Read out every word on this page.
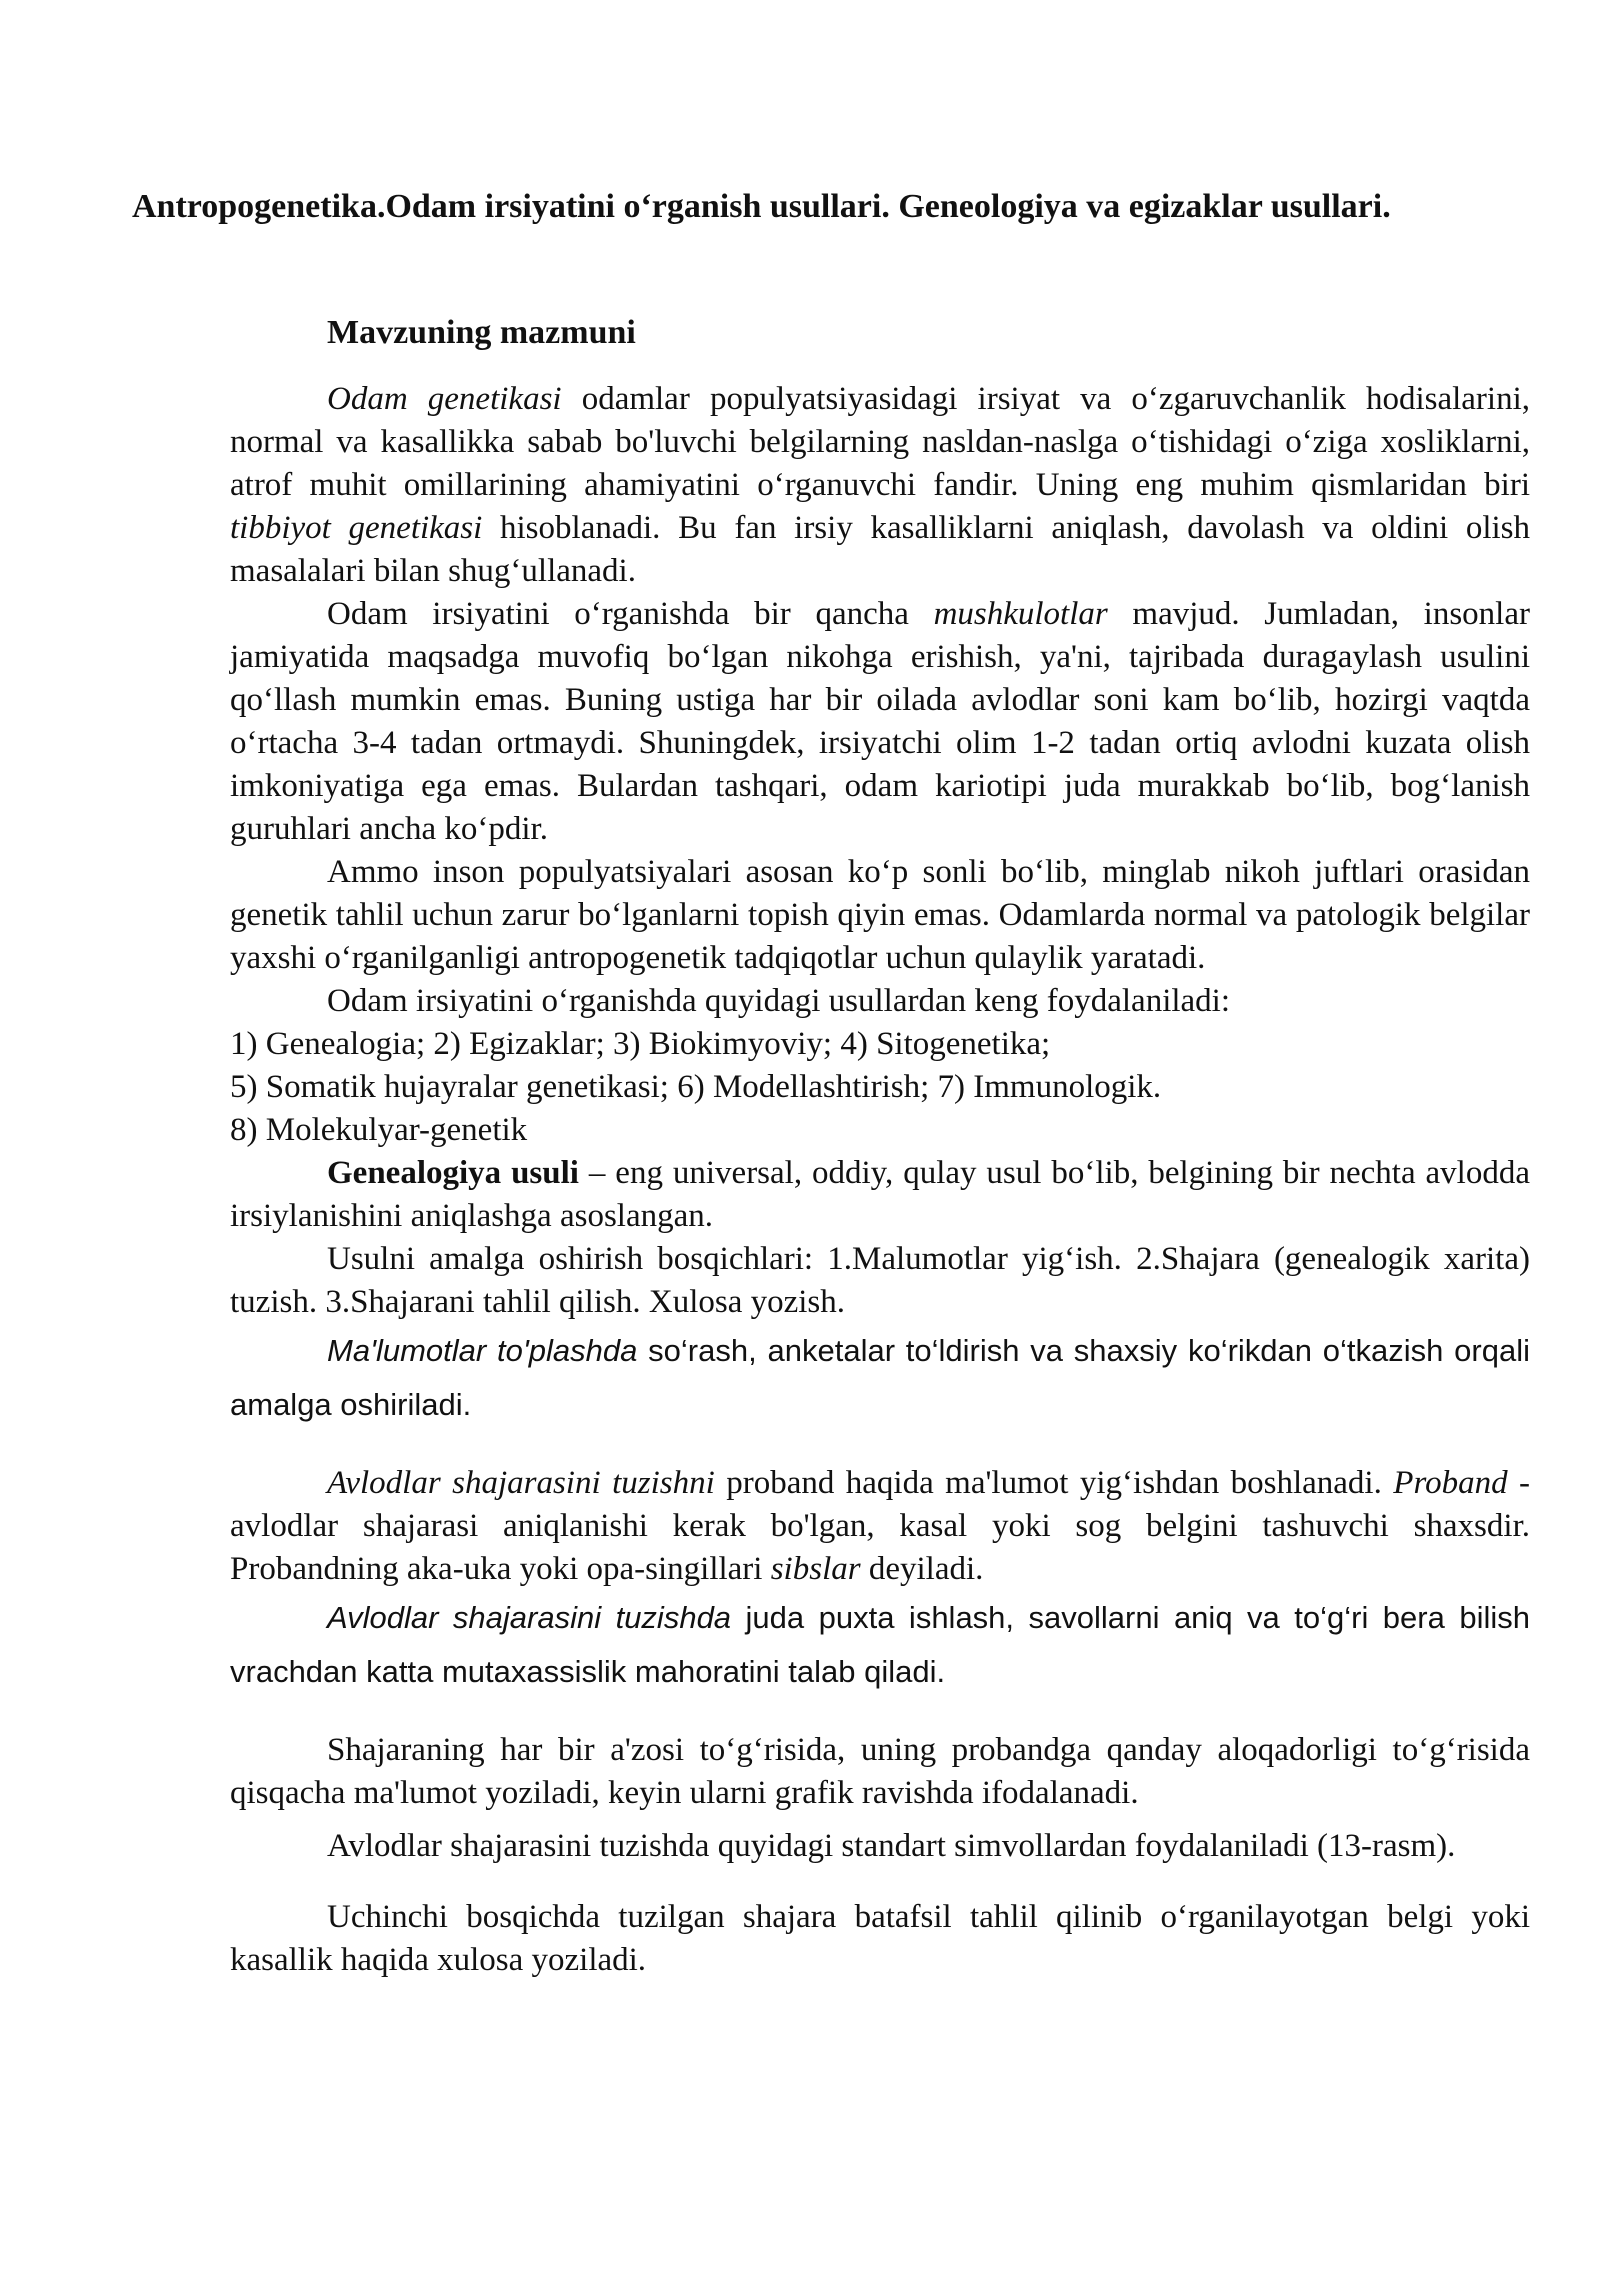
Antropogenetika.Odam irsiyatini o‘rganish usullari. Geneologiya va egizaklar usullari.
Mavzuning mazmuni

Odam genetikasi odamlar populyatsiyasidagi irsiyat va o‘zgaruvchanlik hodisalarini, normal va kasallikka sabab bo'luvchi belgilarning nasldan-naslga o‘tishidagi o‘ziga xosliklarni, atrof muhit omillarining ahamiyatini o‘rganuvchi fandir. Uning eng muhim qismlaridan biri tibbiyot genetikasi hisoblanadi. Bu fan irsiy kasalliklarni aniqlash, davolash va oldini olish masalalari bilan shug‘ullanadi.

Odam irsiyatini o‘rganishda bir qancha mushkulotlar mavjud. Jumladan, insonlar jamiyatida maqsadga muvofiq bo‘lgan nikohga erishish, ya'ni, tajribada duragaylash usulini qo‘llash mumkin emas. Buning ustiga har bir oilada avlodlar soni kam bo‘lib, hozirgi vaqtda o‘rtacha 3-4 tadan ortmaydi. Shuningdek, irsiyatchi olim 1-2 tadan ortiq avlodni kuzata olish imkoniyatiga ega emas. Bulardan tashqari, odam kariotipi juda murakkab bo‘lib, bog‘lanish guruhlari ancha ko‘pdir.

Ammo inson populyatsiyalari asosan ko‘p sonli bo‘lib, minglab nikoh juftlari orasidan genetik tahlil uchun zarur bo‘lganlarni topish qiyin emas. Odamlarda normal va patologik belgilar yaxshi o‘rganilganligi antropogenetik tadqiqotlar uchun qulaylik yaratadi.

Odam irsiyatini o‘rganishda quyidagi usullardan keng foydalaniladi:

1) Genealogia; 2) Egizaklar; 3) Biokimyoviy; 4) Sitogenetika;

5) Somatik hujayralar genetikasi; 6) Modellashtirish; 7) Immunologik.

8) Molekulyar-genetik

Genealogiya usuli – eng universal, oddiy, qulay usul bo‘lib, belgining bir nechta avlodda irsiylanishini aniqlashga asoslangan.

Usulni amalga oshirish bosqichlari: 1.Malumotlar yig‘ish. 2.Shajara (genealogik xarita) tuzish. 3.Shajarani tahlil qilish. Xulosa yozish.

Ma'lumotlar to'plashda so‘rash, anketalar to‘ldirish va shaxsiy ko‘rikdan o‘tkazish orqali amalga oshiriladi.

Avlodlar shajarasini tuzishni proband haqida ma'lumot yig‘ishdan boshlanadi. Proband - avlodlar shajarasi aniqlanishi kerak bo'lgan, kasal yoki sog belgini tashuvchi shaxsdir. Probandning aka-uka yoki opa-singillari sibslar deyiladi.

Avlodlar shajarasini tuzishda juda puxta ishlash, savollarni aniq va to‘g‘ri bera bilish vrachdan katta mutaxassislik mahoratini talab qiladi.

Shajaraning har bir a'zosi to‘g‘risida, uning probandga qanday aloqadorligi to‘g‘risida qisqacha ma'lumot yoziladi, keyin ularni grafik ravishda ifodalanadi.

Avlodlar shajarasini tuzishda quyidagi standart simvollardan foydalaniladi (13-rasm).

Uchinchi bosqichda tuzilgan shajara batafsil tahlil qilinib o‘rganilayotgan belgi yoki kasallik haqida xulosa yoziladi.
